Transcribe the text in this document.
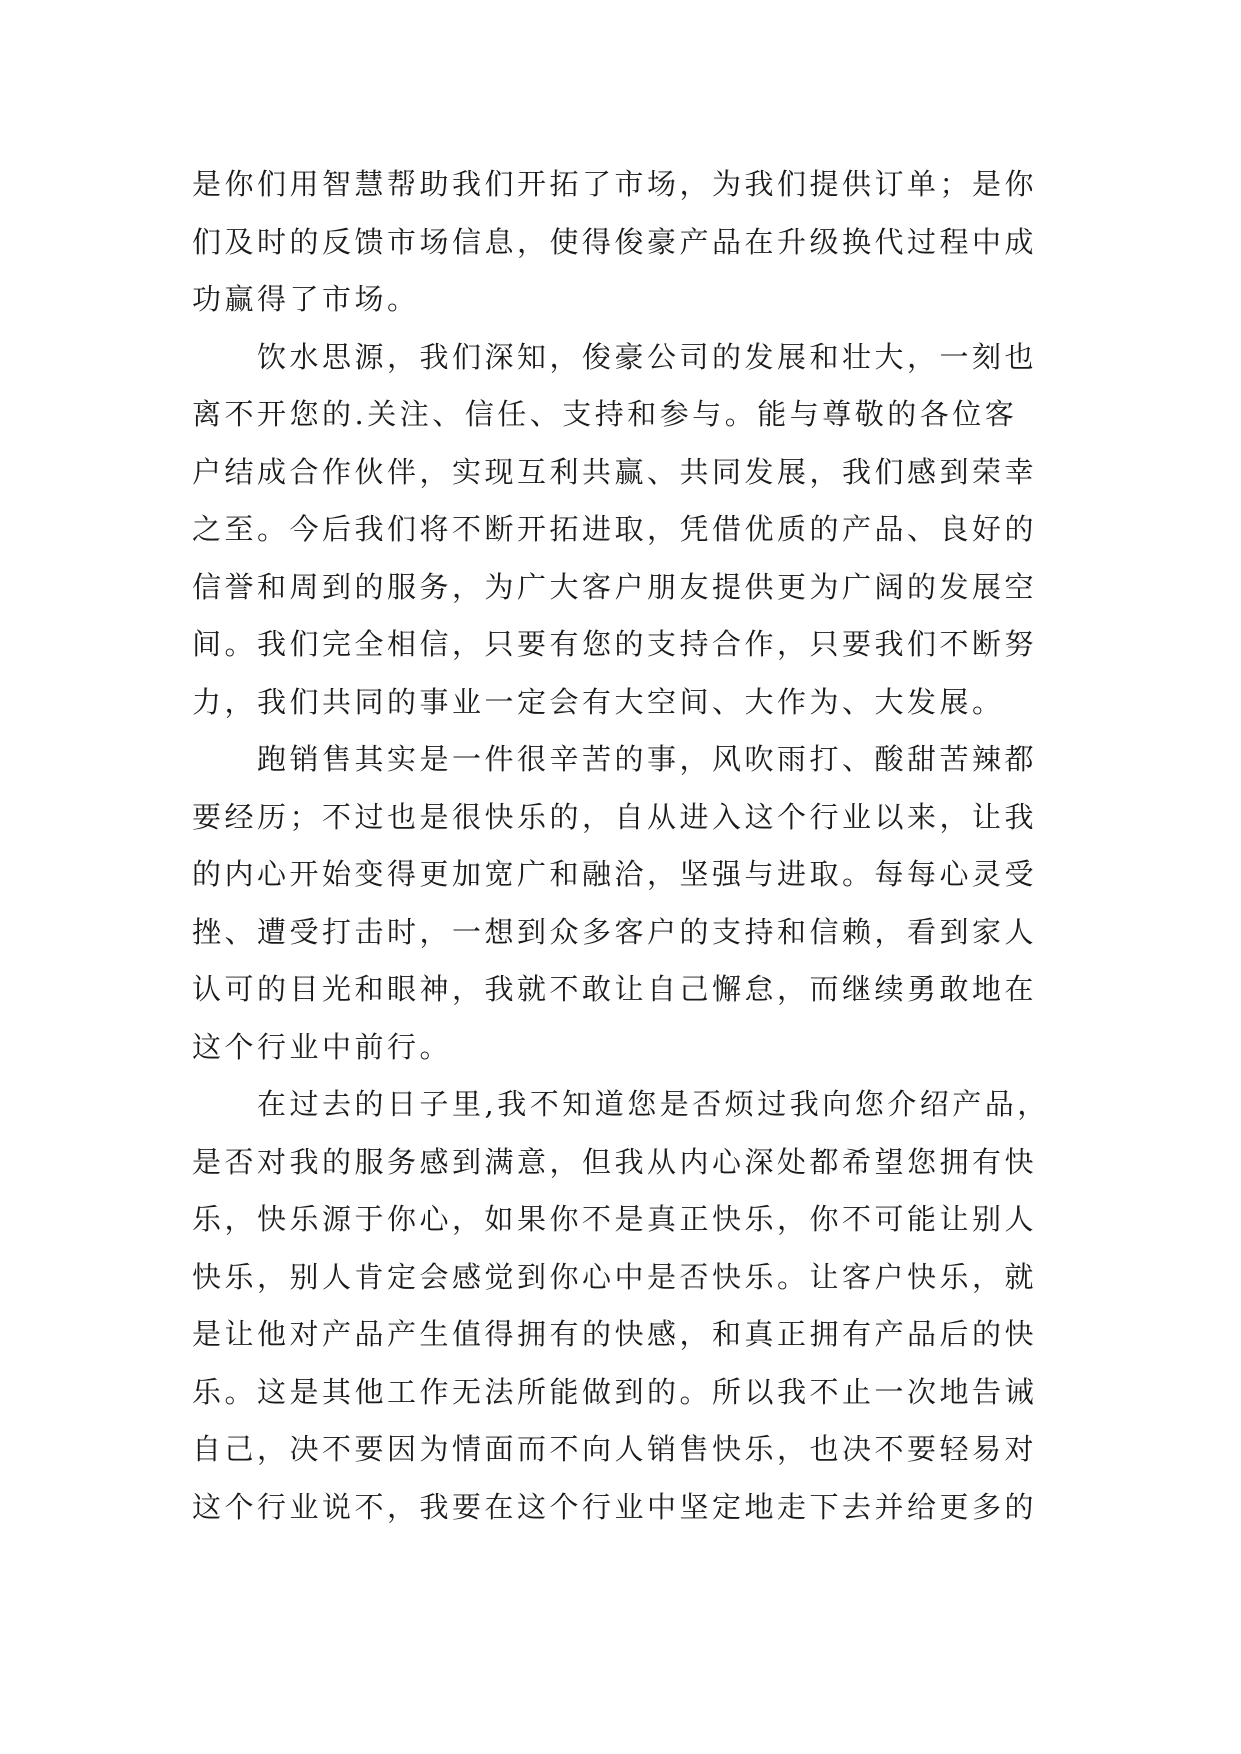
是你们用智慧帮助我们开拓了市场，为我们提供订单；是你
们及时的反馈市场信息，使得俊豪产品在升级换代过程中成
功赢得了市场。
饮水思源，我们深知，俊豪公司的发展和壮大，一刻也
离不开您的.关注、信任、支持和参与。能与尊敬的各位客
户结成合作伙伴，实现互利共赢、共同发展，我们感到荣幸
之至。今后我们将不断开拓进取，凭借优质的产品、良好的
信誉和周到的服务，为广大客户朋友提供更为广阔的发展空
间。我们完全相信，只要有您的支持合作，只要我们不断努
力，我们共同的事业一定会有大空间、大作为、大发展。
跑销售其实是一件很辛苦的事，风吹雨打、酸甜苦辣都
要经历；不过也是很快乐的，自从进入这个行业以来，让我
的内心开始变得更加宽广和融洽，坚强与进取。每每心灵受
挫、遭受打击时，一想到众多客户的支持和信赖，看到家人
认可的目光和眼神，我就不敢让自己懈怠，而继续勇敢地在
这个行业中前行。
在过去的日子里,我不知道您是否烦过我向您介绍产品，
是否对我的服务感到满意，但我从内心深处都希望您拥有快
乐，快乐源于你心，如果你不是真正快乐，你不可能让别人
快乐，别人肯定会感觉到你心中是否快乐。让客户快乐，就
是让他对产品产生值得拥有的快感，和真正拥有产品后的快
乐。这是其他工作无法所能做到的。所以我不止一次地告诫
自己，决不要因为情面而不向人销售快乐，也决不要轻易对
这个行业说不，我要在这个行业中坚定地走下去并给更多的
